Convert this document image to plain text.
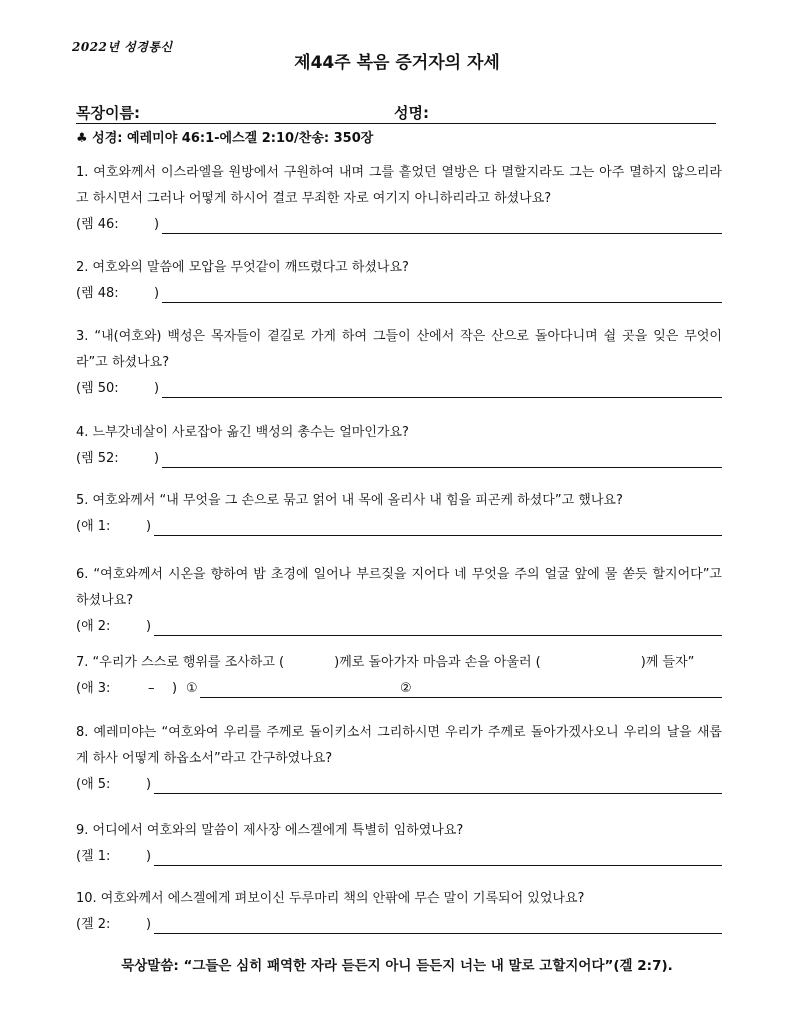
2022년 성경통신
제44주 복음 증거자의 자세
목장이름:	성명:
♣ 성경: 예레미야 46:1-에스겔 2:10/찬송: 350장
1. 여호와께서 이스라엘을 원방에서 구원하여 내며 그를 흩었던 열방은 다 멸할지라도 그는 아주 멸하지 않으리라고 하시면서 그러나 어떻게 하시어 결코 무죄한 자로 여기지 아니하리라고 하셨나요?
(렘 46:	)
2. 여호와의 말씀에 모압을 무엇같이 깨뜨렸다고 하셨나요?
(렘 48:	)
3. “내(여호와) 백성은 목자들이 곁길로 가게 하여 그들이 산에서 작은 산으로 돌아다니며 쉴 곳을 잊은 무엇이라”고 하셨나요?
(렘 50:	)
4. 느부갓네살이 사로잡아 옮긴 백성의 총수는 얼마인가요?
(렘 52:	)
5. 여호와께서 “내 무엇을 그 손으로 묶고 얽어 내 목에 올리사 내 힘을 피곤케 하셨다”고 했나요?
(애 1:	)
6. “여호와께서 시온을 향하여 밤 초경에 일어나 부르짖을 지어다 네 무엇을 주의 얼굴 앞에 물 쏟듯 할지어다”고 하셨나요?
(애 2:	)
7. “우리가 스스로 행위를 조사하고 (	)께로 돌아가자 마음과 손을 아울러 (	)께 들자”
(애 3:	– ) ①	②
8. 예레미야는 “여호와여 우리를 주께로 돌이키소서 그리하시면 우리가 주께로 돌아가겠사오니 우리의 날을 새롭게 하사 어떻게 하옵소서”라고 간구하였나요?
(애 5:	)
9. 어디에서 여호와의 말씀이 제사장 에스겔에게 특별히 임하였나요?
(겔 1:	)
10. 여호와께서 에스겔에게 펴보이신 두루마리 책의 안팎에 무슨 말이 기록되어 있었나요?
(겔 2:	)
묵상말씀: “그들은 심히 패역한 자라 듣든지 아니 듣든지 너는 내 말로 고할지어다”(겔 2:7).
